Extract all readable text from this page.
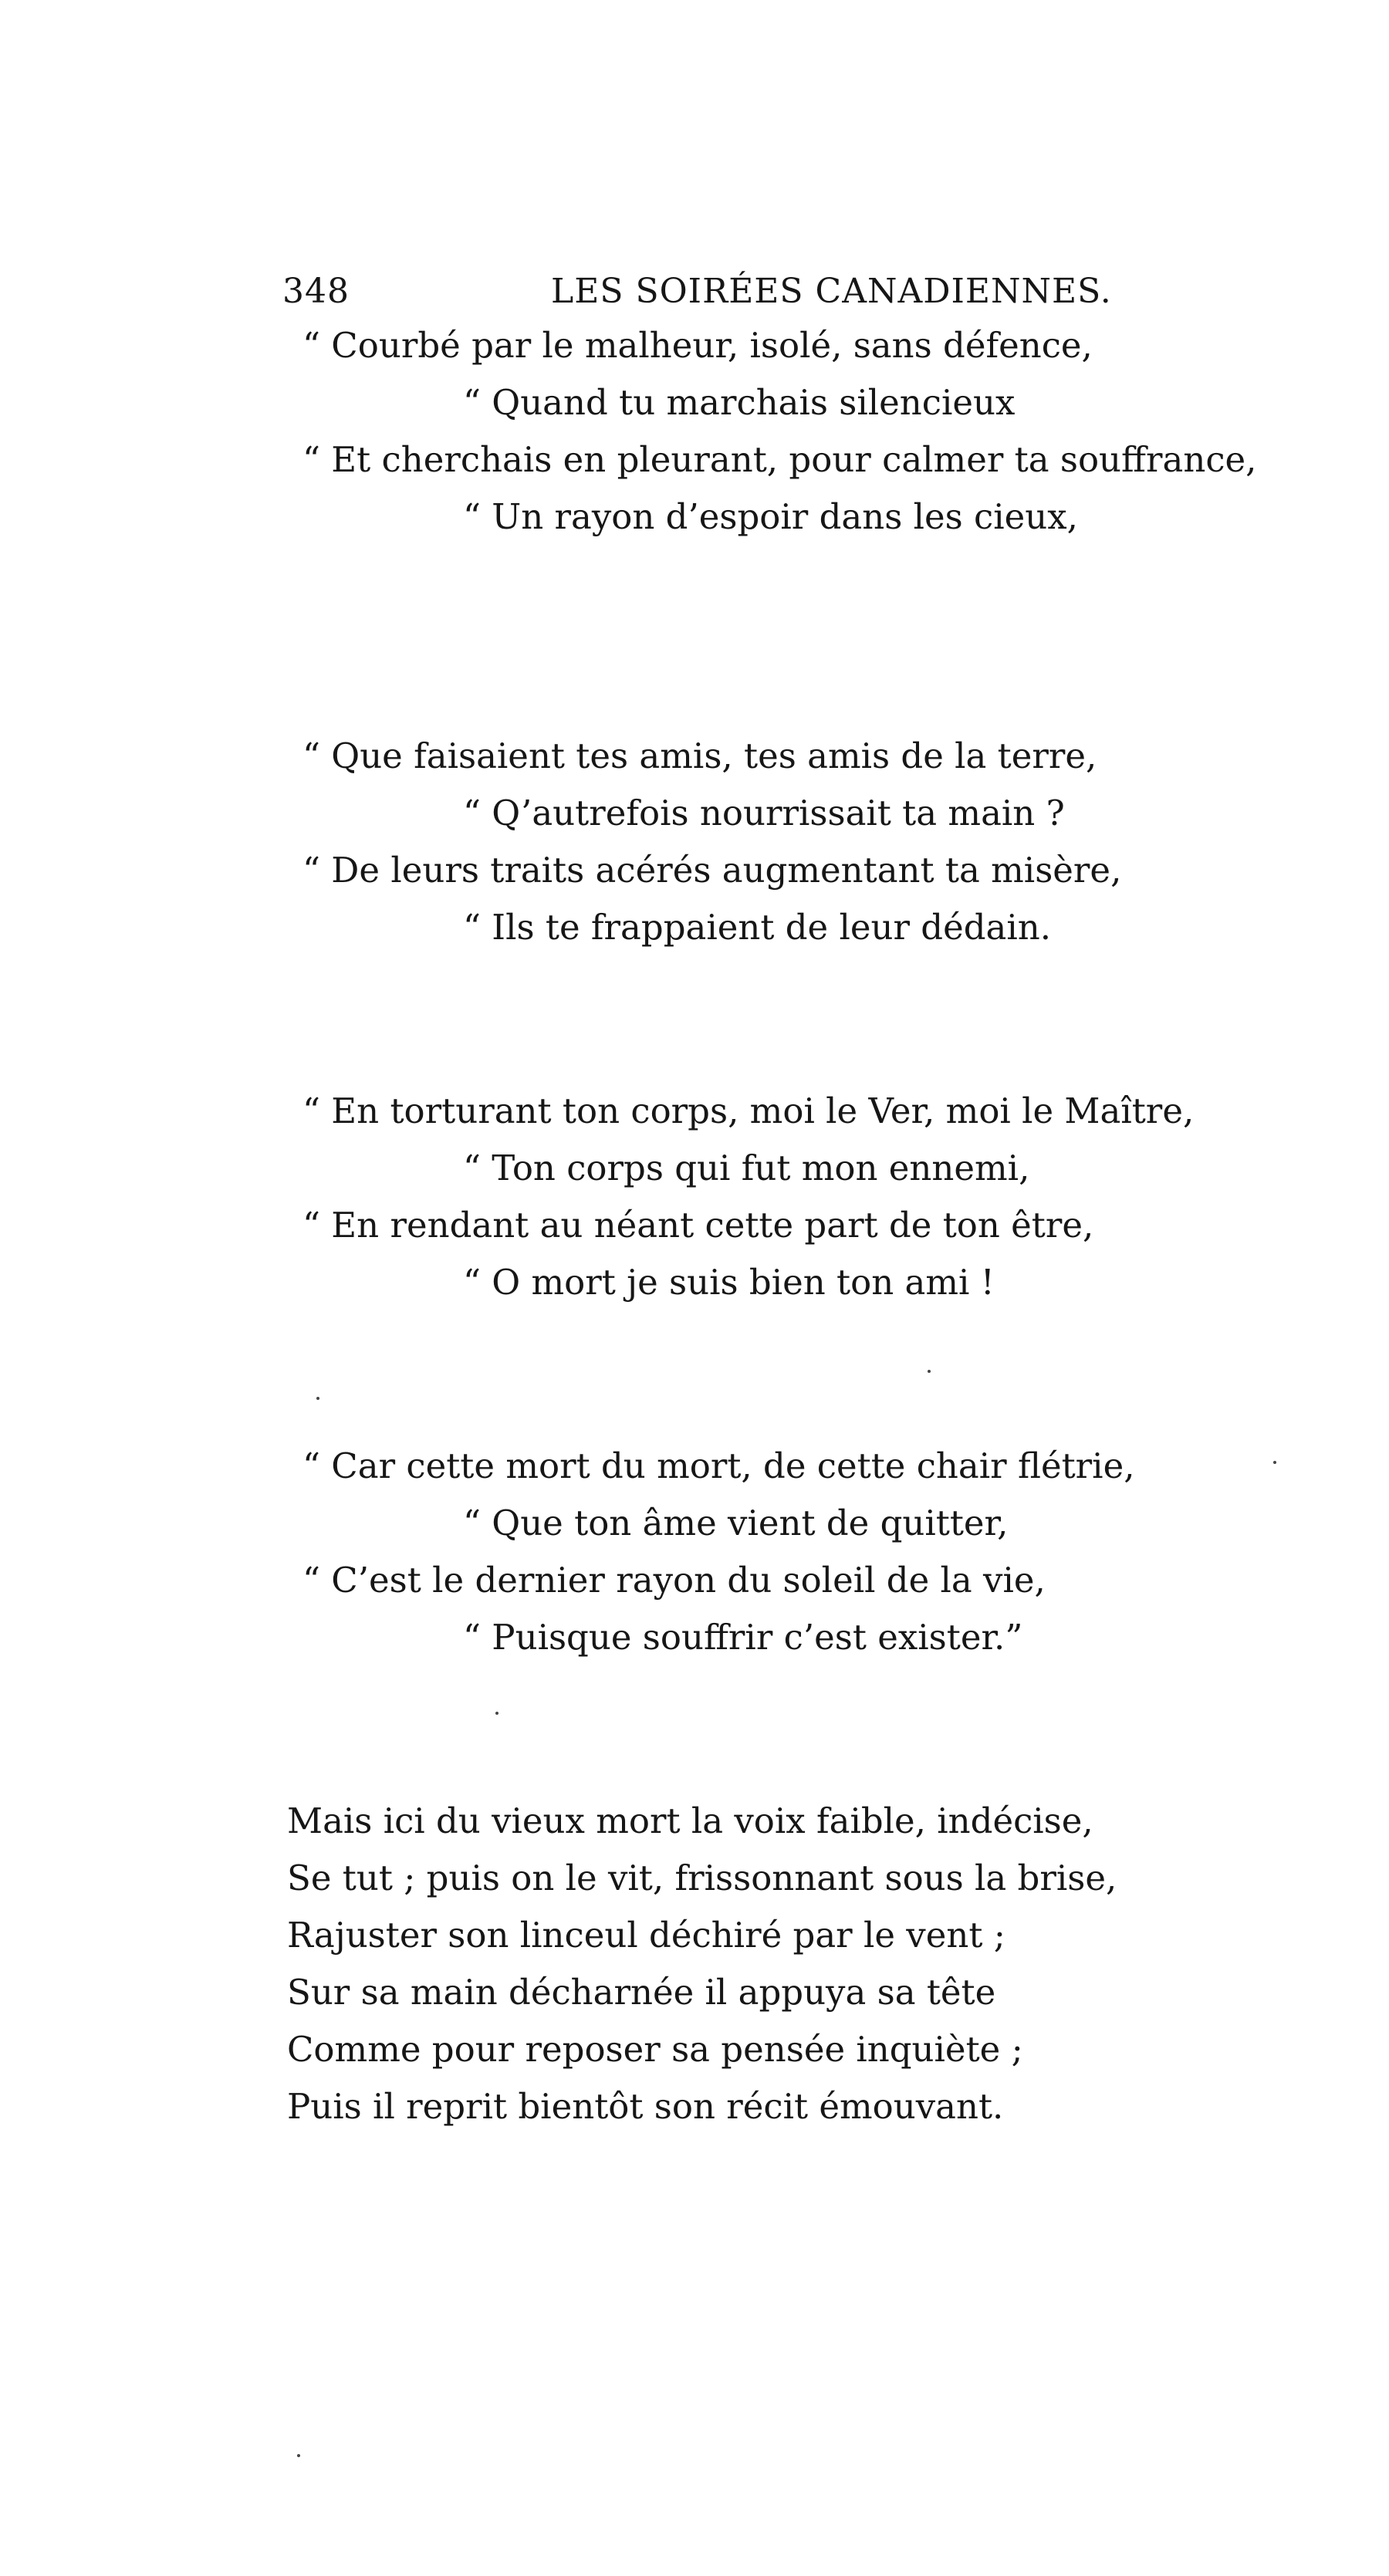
348	LES SOIRÉES CANADIENNES.
“ Courbé par le malheur, isolé, sans défence,
“ Quand tu marchais silencieux
“ Et cherchais en pleurant, pour calmer ta souffrance,
“ Un rayon d’espoir dans les cieux,
“ Que faisaient tes amis, tes amis de la terre,
“ Q’autrefois nourrissait ta main ?
“ De leurs traits acérés augmentant ta misère,
“ Ils te frappaient de leur dédain.
“ En torturant ton corps, moi le Ver, moi le Maître,
“ Ton corps qui fut mon ennemi,
“ En rendant au néant cette part de ton être,
“ O mort je suis bien ton ami !
“ Car cette mort du mort, de cette chair flétrie,
“ Que ton âme vient de quitter,
“ C’est le dernier rayon du soleil de la vie,
“ Puisque souffrir c’est exister.”
Mais ici du vieux mort la voix faible, indécise,
Se tut ; puis on le vit, frissonnant sous la brise,
Rajuster son linceul déchiré par le vent ;
Sur sa main décharnée il appuya sa tête
Comme pour reposer sa pensée inquiète ;
Puis il reprit bientôt son récit émouvant.
